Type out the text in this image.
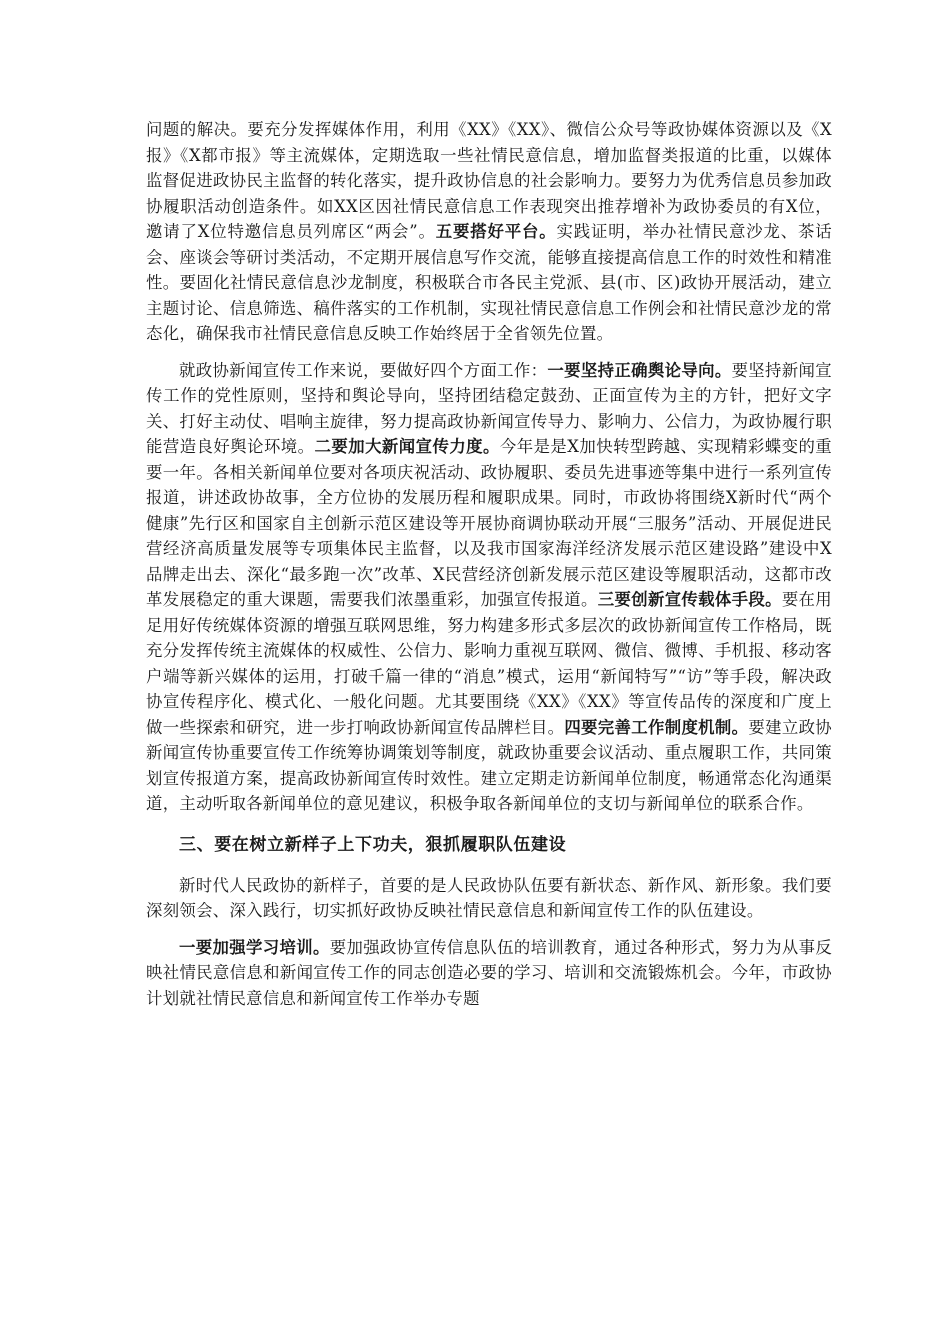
问题的解决。要充分发挥媒体作用，利用《XX》《XX》、微信公众号等政协媒体资源以及《X报》《X都市报》等主流媒体，定期选取一些社情民意信息，增加监督类报道的比重，以媒体监督促进政协民主监督的转化落实，提升政协信息的社会影响力。要努力为优秀信息员参加政协履职活动创造条件。如XX区因社情民意信息工作表现突出推荐增补为政协委员的有X位，邀请了X位特邀信息员列席区“两会”。五要搭好平台。实践证明，举办社情民意沙龙、茶话会、座谈会等研讨类活动，不定期开展信息写作交流，能够直接提高信息工作的时效性和精准性。要固化社情民意信息沙龙制度，积极联合市各民主党派、县(市、区)政协开展活动，建立主题讨论、信息筛选、稿件落实的工作机制，实现社情民意信息工作例会和社情民意沙龙的常态化，确保我市社情民意信息反映工作始终居于全省领先位置。

就政协新闻宣传工作来说，要做好四个方面工作：一要坚持正确舆论导向。要坚持新闻宣传工作的党性原则，坚持和舆论导向，坚持团结稳定鼓劲、正面宣传为主的方针，把好文字关、打好主动仗、唱响主旋律，努力提高政协新闻宣传导力、影响力、公信力，为政协履行职能营造良好舆论环境。二要加大新闻宣传力度。今年是是X加快转型跨越、实现精彩蝶变的重要一年。各相关新闻单位要对各项庆祝活动、政协履职、委员先进事迹等集中进行一系列宣传报道，讲述政协故事，全方位协的发展历程和履职成果。同时，市政协将围绕X新时代“两个健康”先行区和国家自主创新示范区建设等开展协商调协联动开展“三服务”活动、开展促进民营经济高质量发展等专项集体民主监督，以及我市国家海洋经济发展示范区建设路”建设中X品牌走出去、深化“最多跑一次”改革、X民营经济创新发展示范区建设等履职活动，这都市改革发展稳定的重大课题，需要我们浓墨重彩，加强宣传报道。三要创新宣传载体手段。要在用足用好传统媒体资源的增强互联网思维，努力构建多形式多层次的政协新闻宣传工作格局，既充分发挥传统主流媒体的权威性、公信力、影响力重视互联网、微信、微博、手机报、移动客户端等新兴媒体的运用，打破千篇一律的“消息”模式，运用“新闻特写”“访”等手段，解决政协宣传程序化、模式化、一般化问题。尤其要围绕《XX》《XX》等宣传品传的深度和广度上做一些探索和研究，进一步打响政协新闻宣传品牌栏目。四要完善工作制度机制。要建立政协新闻宣传协重要宣传工作统筹协调策划等制度，就政协重要会议活动、重点履职工作，共同策划宣传报道方案，提高政协新闻宣传时效性。建立定期走访新闻单位制度，畅通常态化沟通渠道，主动听取各新闻单位的意见建议，积极争取各新闻单位的支切与新闻单位的联系合作。

三、要在树立新样子上下功夫，狠抓履职队伍建设

新时代人民政协的新样子，首要的是人民政协队伍要有新状态、新作风、新形象。我们要深刻领会、深入践行，切实抓好政协反映社情民意信息和新闻宣传工作的队伍建设。

一要加强学习培训。要加强政协宣传信息队伍的培训教育，通过各种形式，努力为从事反映社情民意信息和新闻宣传工作的同志创造必要的学习、培训和交流锻炼机会。今年，市政协计划就社情民意信息和新闻宣传工作举办专题
